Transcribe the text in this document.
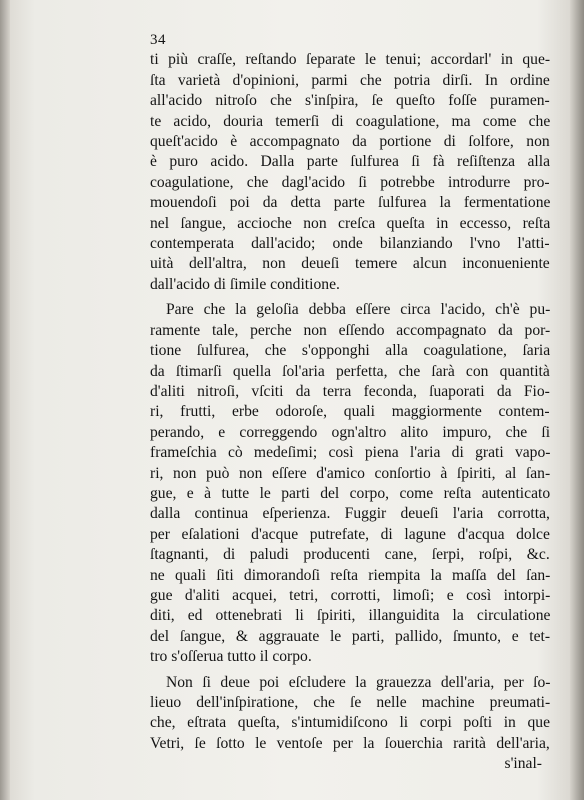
34
ti più craſſe, reſtando ſeparate le tenui; accordarl' in que-
ſta varietà d'opinioni, parmi che potria dirſi. In ordine
all'acido nitroſo che s'inſpira, ſe queſto foſſe puramen-
te acido, douria temerſi di coagulatione, ma come che
queſt'acido è accompagnato da portione di ſolfore, non
è puro acido. Dalla parte ſulfurea ſi fà reſiſtenza alla
coagulatione, che dagl'acido ſi potrebbe introdurre pro-
mouendoſi poi da detta parte ſulfurea la fermentatione
nel ſangue, accioche non creſca queſta in eccesso, reſta
contemperata dall'acido; onde bilanziando l'vno l'atti-
uità dell'altra, non deueſi temere alcun inconueniente
dall'acido di ſimile conditione.
Pare che la geloſia debba eſſere circa l'acido, ch'è pu-
ramente tale, perche non eſſendo accompagnato da por-
tione ſulfurea, che s'opponghi alla coagulatione, ſaria
da ſtimarſi quella ſol'aria perfetta, che ſarà con quantità
d'aliti nitroſi, vſciti da terra feconda, ſuaporati da Fio-
ri, frutti, erbe odoroſe, quali maggiormente contem-
perando, e correggendo ogn'altro alito impuro, che ſi
frameſchia cò medeſimi; così piena l'aria di grati vapo-
ri, non può non eſſere d'amico conſortio à ſpiriti, al ſan-
gue, e à tutte le parti del corpo, come reſta autenticato
dalla continua eſperienza. Fuggir deueſi l'aria corrotta,
per eſalationi d'acque putrefate, di lagune d'acqua dolce
ſtagnanti, di paludi producenti cane, ſerpi, roſpi, &c.
ne quali ſiti dimorandoſi reſta riempita la maſſa del ſan-
gue d'aliti acquei, tetri, corrotti, limoſi; e così intorpi-
diti, ed ottenebrati li ſpiriti, illanguidita la circulatione
del ſangue, & aggrauate le parti, pallido, ſmunto, e tet-
tro s'oſſerua tutto il corpo.
Non ſi deue poi eſcludere la grauezza dell'aria, per ſo-
lieuo dell'inſpiratione, che ſe nelle machine preumati-
che, eſtrata queſta, s'intumidiſcono li corpi poſti in que
Vetri, ſe ſotto le ventoſe per la ſouerchia rarità dell'aria,
s'inal-
